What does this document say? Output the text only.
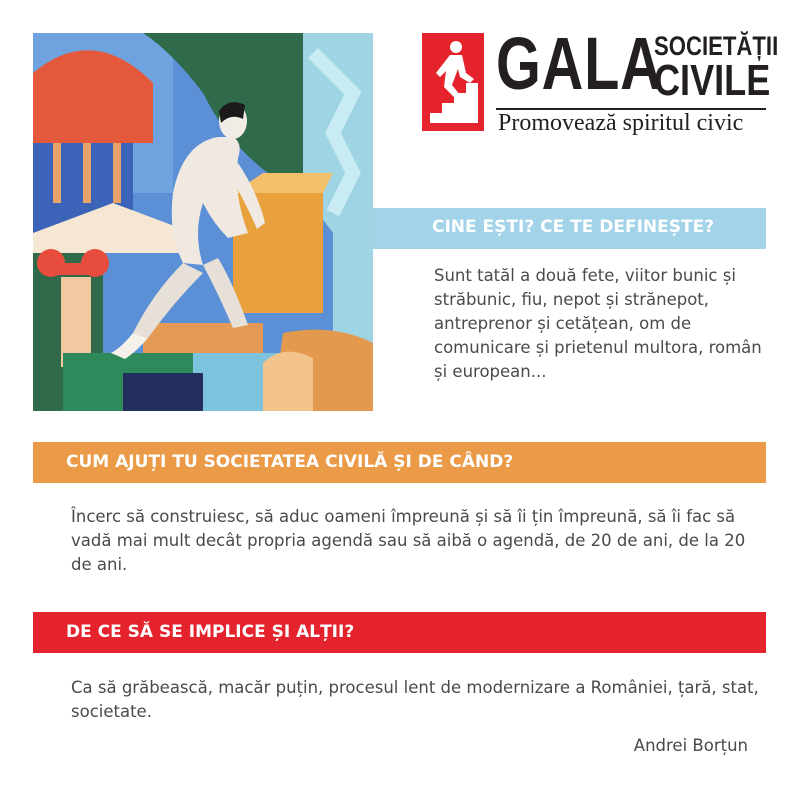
GALA
SOCIETĂȚII
CIVILE
Promovează spiritul civic
CINE EȘTI? CE TE DEFINEȘTE?
Sunt tatăl a două fete, viitor bunic și străbunic, fiu, nepot și strănepot, antreprenor și cetățean, om de comunicare și prietenul multora, român și european...
CUM AJUȚI TU SOCIETATEA CIVILĂ ȘI DE CÂND?
Încerc să construiesc, să aduc oameni împreună și să îi țin împreună, să îi fac să vadă mai mult decât propria agendă sau să aibă o agendă, de 20 de ani, de la 20 de ani.
DE CE SĂ SE IMPLICE ȘI ALȚII?
Ca să grăbească, macăr puțin, procesul lent de modernizare a României, țară, stat, societate.
Andrei Borțun
